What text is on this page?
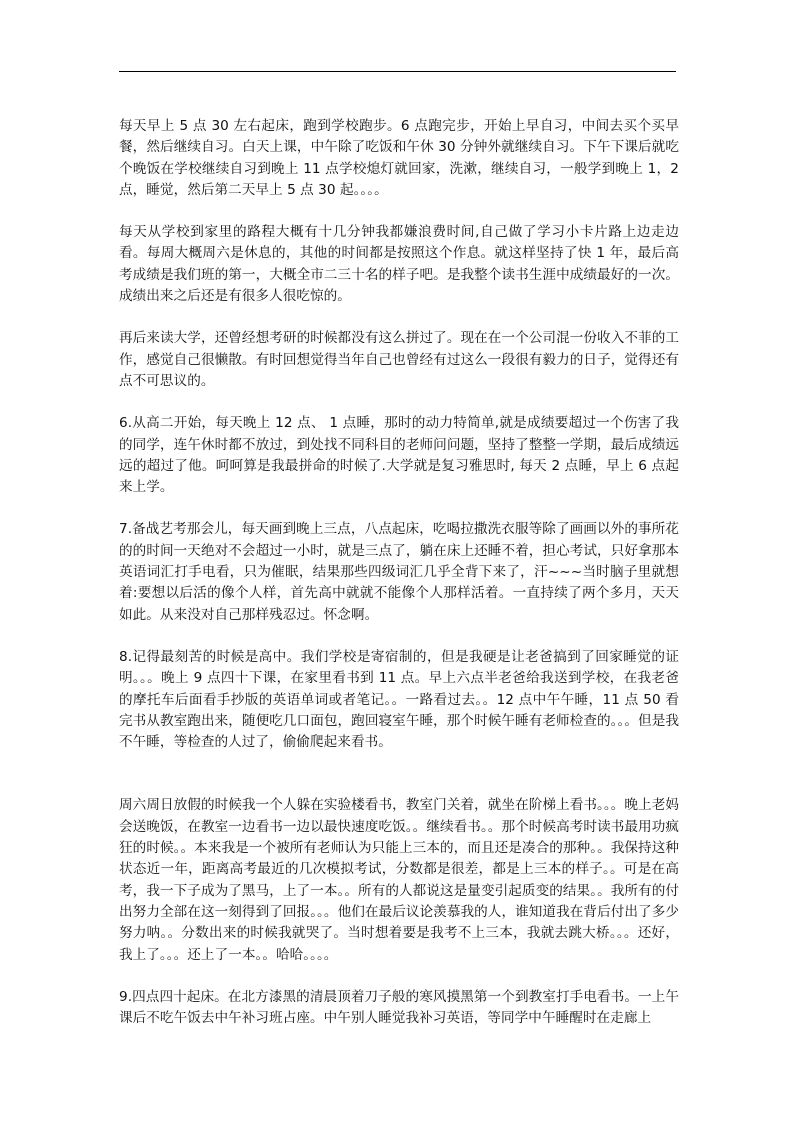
每天早上 5 点 30 左右起床，跑到学校跑步。6 点跑完步，开始上早自习，中间去买个买早餐，然后继续自习。白天上课，中午除了吃饭和午休 30 分钟外就继续自习。下午下课后就吃个晚饭在学校继续自习到晚上 11 点学校熄灯就回家，洗漱，继续自习，一般学到晚上 1，2 点，睡觉，然后第二天早上 5 点 30 起。。。。

每天从学校到家里的路程大概有十几分钟我都嫌浪费时间,自己做了学习小卡片路上边走边看。每周大概周六是休息的，其他的时间都是按照这个作息。就这样坚持了快 1 年，最后高考成绩是我们班的第一，大概全市二三十名的样子吧。是我整个读书生涯中成绩最好的一次。成绩出来之后还是有很多人很吃惊的。

再后来读大学，还曾经想考研的时候都没有这么拼过了。现在在一个公司混一份收入不菲的工作，感觉自己很懒散。有时回想觉得当年自己也曾经有过这么一段很有毅力的日子，觉得还有点不可思议的。

6.从高二开始，每天晚上 12 点、 1 点睡，那时的动力特简单,就是成绩要超过一个伤害了我的同学，连午休时都不放过，到处找不同科目的老师问问题，坚持了整整一学期，最后成绩远远的超过了他。呵呵算是我最拼命的时候了.大学就是复习雅思时, 每天 2 点睡，早上 6 点起来上学。

7.备战艺考那会儿，每天画到晚上三点，八点起床，吃喝拉撒洗衣服等除了画画以外的事所花的的时间一天绝对不会超过一小时，就是三点了，躺在床上还睡不着，担心考试，只好拿那本英语词汇打手电看，只为催眠，结果那些四级词汇几乎全背下来了，汗~~~当时脑子里就想着:要想以后活的像个人样，首先高中就就不能像个人那样活着。一直持续了两个多月，天天如此。从来没对自己那样残忍过。怀念啊。

8.记得最刻苦的时候是高中。我们学校是寄宿制的，但是我硬是让老爸搞到了回家睡觉的证明。。。晚上 9 点四十下课，在家里看书到 11 点。早上六点半老爸给我送到学校，在我老爸的摩托车后面看手抄版的英语单词或者笔记。。一路看过去。。12 点中午午睡，11 点 50 看完书从教室跑出来，随便吃几口面包，跑回寝室午睡，那个时候午睡有老师检查的。。。但是我不午睡，等检查的人过了，偷偷爬起来看书。

周六周日放假的时候我一个人躲在实验楼看书，教室门关着，就坐在阶梯上看书。。。晚上老妈会送晚饭，在教室一边看书一边以最快速度吃饭。。继续看书。。那个时候高考时读书最用功疯狂的时候。。本来我是一个被所有老师认为只能上三本的，而且还是凑合的那种。。我保持这种状态近一年，距离高考最近的几次模拟考试，分数都是很差，都是上三本的样子。。可是在高考，我一下子成为了黑马，上了一本。。所有的人都说这是量变引起质变的结果。。我所有的付出努力全部在这一刻得到了回报。。。他们在最后议论羡慕我的人，谁知道我在背后付出了多少努力呐。。分数出来的时候我就哭了。当时想着要是我考不上三本，我就去跳大桥。。。还好，我上了。。。还上了一本。。哈哈。。。。

9.四点四十起床。在北方漆黑的清晨顶着刀子般的寒风摸黑第一个到教室打手电看书。一上午课后不吃午饭去中午补习班占座。中午别人睡觉我补习英语，等同学中午睡醒时在走廊上
